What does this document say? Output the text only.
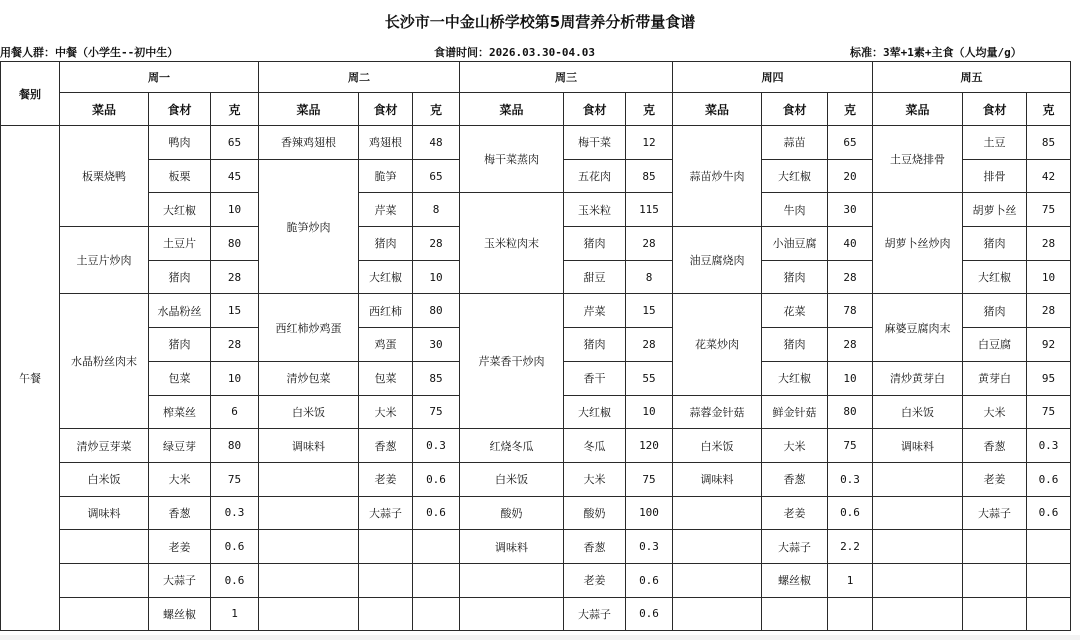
长沙市一中金山桥学校第5周营养分析带量食谱
用餐人群：中餐（小学生--初中生）	食谱时间：2026.03.30-04.03	标准：3荤+1素+主食（人均量/g）
餐别	周一			周二			周三			周四			周五		
	菜品	食材	克	菜品	食材	克	菜品	食材	克	菜品	食材	克	菜品	食材	克
午餐	板栗烧鸭	鸭肉	65	香辣鸡翅根	鸡翅根	48	梅干菜蒸肉	梅干菜	12	蒜苗炒牛肉	蒜苗	65	土豆烧排骨	土豆	85
		板栗	45	脆笋炒肉	脆笋	65		五花肉	85		大红椒	20		排骨	42
		大红椒	10		芹菜	8	玉米粒肉末	玉米粒	115		牛肉	30	胡萝卜丝炒肉	胡萝卜丝	75
	土豆片炒肉	土豆片	80		猪肉	28		猪肉	28	油豆腐烧肉	小油豆腐	40		猪肉	28
		猪肉	28		大红椒	10		甜豆	8		猪肉	28		大红椒	10
	水晶粉丝肉末	水晶粉丝	15	西红柿炒鸡蛋	西红柿	80	芹菜香干炒肉	芹菜	15	花菜炒肉	花菜	78	麻婆豆腐肉末	猪肉	28
		猪肉	28		鸡蛋	30		猪肉	28		猪肉	28		白豆腐	92
		包菜	10	清炒包菜	包菜	85		香干	55		大红椒	10	清炒黄芽白	黄芽白	95
		榨菜丝	6	白米饭	大米	75		大红椒	10	蒜蓉金针菇	鲜金针菇	80	白米饭	大米	75
	清炒豆芽菜	绿豆芽	80	调味料	香葱	0.3	红烧冬瓜	冬瓜	120	白米饭	大米	75	调味料	香葱	0.3
	白米饭	大米	75		老姜	0.6	白米饭	大米	75	调味料	香葱	0.3		老姜	0.6
	调味料	香葱	0.3		大蒜子	0.6	酸奶	酸奶	100		老姜	0.6		大蒜子	0.6
		老姜	0.6				调味料	香葱	0.3		大蒜子	2.2			
		大蒜子	0.6					老姜	0.6		螺丝椒	1			
		螺丝椒	1					大蒜子	0.6						
